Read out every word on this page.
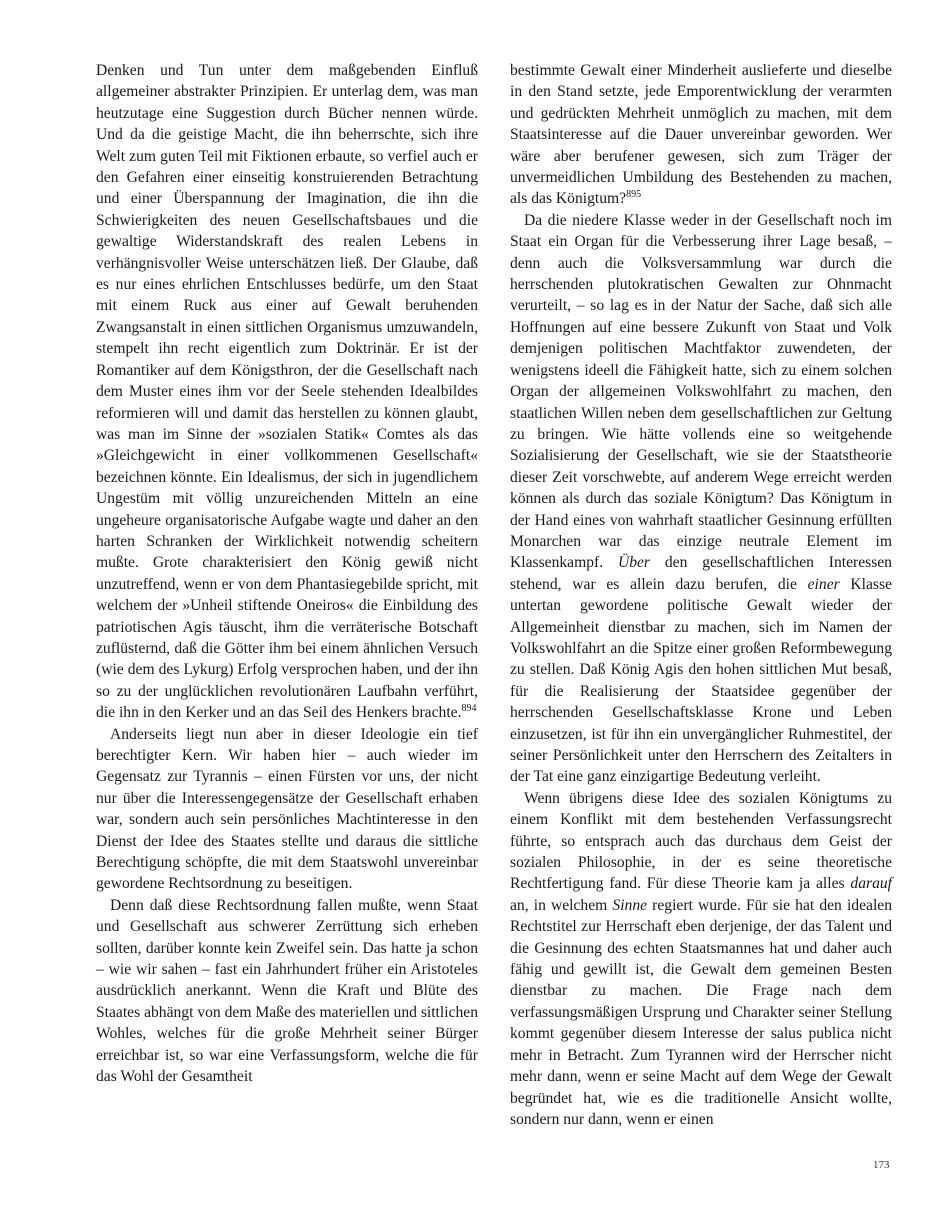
Denken und Tun unter dem maßgebenden Einfluß allgemeiner abstrakter Prinzipien. Er unterlag dem, was man heutzutage eine Suggestion durch Bücher nennen würde. Und da die geistige Macht, die ihn beherrschte, sich ihre Welt zum guten Teil mit Fiktionen erbaute, so verfiel auch er den Gefahren einer einseitig konstruierenden Betrachtung und einer Überspannung der Imagination, die ihn die Schwierigkeiten des neuen Gesellschaftsbaues und die gewaltige Widerstandskraft des realen Lebens in verhängnisvoller Weise unterschätzen ließ. Der Glaube, daß es nur eines ehrlichen Entschlusses bedürfe, um den Staat mit einem Ruck aus einer auf Gewalt beruhenden Zwangsanstalt in einen sittlichen Organismus umzuwandeln, stempelt ihn recht eigentlich zum Doktrinär. Er ist der Romantiker auf dem Königsthron, der die Gesellschaft nach dem Muster eines ihm vor der Seele stehenden Idealbildes reformieren will und damit das herstellen zu können glaubt, was man im Sinne der »sozialen Statik« Comtes als das »Gleichgewicht in einer vollkommenen Gesellschaft« bezeichnen könnte. Ein Idealismus, der sich in jugendlichem Ungestüm mit völlig unzureichenden Mitteln an eine ungeheure organisatorische Aufgabe wagte und daher an den harten Schranken der Wirklichkeit notwendig scheitern mußte. Grote charakterisiert den König gewiß nicht unzutreffend, wenn er von dem Phantasiegebilde spricht, mit welchem der »Unheil stiftende Oneiros« die Einbildung des patriotischen Agis täuscht, ihm die verräterische Botschaft zuflüsternd, daß die Götter ihm bei einem ähnlichen Versuch (wie dem des Lykurg) Erfolg versprochen haben, und der ihn so zu der unglücklichen revolutionären Laufbahn verführt, die ihn in den Kerker und an das Seil des Henkers brachte.$^{894}$

Anderseits liegt nun aber in dieser Ideologie ein tief berechtigter Kern. Wir haben hier – auch wieder im Gegensatz zur Tyrannis – einen Fürsten vor uns, der nicht nur über die Interessengegensätze der Gesellschaft erhaben war, sondern auch sein persönliches Machtinteresse in den Dienst der Idee des Staates stellte und daraus die sittliche Berechtigung schöpfte, die mit dem Staatswohl unvereinbar gewordene Rechtsordnung zu beseitigen.

Denn daß diese Rechtsordnung fallen mußte, wenn Staat und Gesellschaft aus schwerer Zerrüttung sich erheben sollten, darüber konnte kein Zweifel sein. Das hatte ja schon – wie wir sahen – fast ein Jahrhundert früher ein Aristoteles ausdrücklich anerkannt. Wenn die Kraft und Blüte des Staates abhängt von dem Maße des materiellen und sittlichen Wohles, welches für die große Mehrheit seiner Bürger erreichbar ist, so war eine Verfassungsform, welche die für das Wohl der Gesamtheit

bestimmte Gewalt einer Minderheit auslieferte und dieselbe in den Stand setzte, jede Emporentwicklung der verarmten und gedrückten Mehrheit unmöglich zu machen, mit dem Staatsinteresse auf die Dauer unvereinbar geworden. Wer wäre aber berufener gewesen, sich zum Träger der unvermeidlichen Umbildung des Bestehenden zu machen, als das Königtum?$^{895}$

Da die niedere Klasse weder in der Gesellschaft noch im Staat ein Organ für die Verbesserung ihrer Lage besaß, – denn auch die Volksversammlung war durch die herrschenden plutokratischen Gewalten zur Ohnmacht verurteilt, – so lag es in der Natur der Sache, daß sich alle Hoffnungen auf eine bessere Zukunft von Staat und Volk demjenigen politischen Machtfaktor zuwendeten, der wenigstens ideell die Fähigkeit hatte, sich zu einem solchen Organ der allgemeinen Volkswohlfahrt zu machen, den staatlichen Willen neben dem gesellschaftlichen zur Geltung zu bringen. Wie hätte vollends eine so weitgehende Sozialisierung der Gesellschaft, wie sie der Staatstheorie dieser Zeit vorschwebte, auf anderem Wege erreicht werden können als durch das soziale Königtum? Das Königtum in der Hand eines von wahrhaft staatlicher Gesinnung erfüllten Monarchen war das einzige neutrale Element im Klassenkampf. Über den gesellschaftlichen Interessen stehend, war es allein dazu berufen, die einer Klasse untertan gewordene politische Gewalt wieder der Allgemeinheit dienstbar zu machen, sich im Namen der Volkswohlfahrt an die Spitze einer großen Reformbewegung zu stellen. Daß König Agis den hohen sittlichen Mut besaß, für die Realisierung der Staatsidee gegenüber der herrschenden Gesellschaftsklasse Krone und Leben einzusetzen, ist für ihn ein unvergänglicher Ruhmestitel, der seiner Persönlichkeit unter den Herrschern des Zeitalters in der Tat eine ganz einzigartige Bedeutung verleiht.

Wenn übrigens diese Idee des sozialen Königtums zu einem Konflikt mit dem bestehenden Verfassungsrecht führte, so entsprach auch das durchaus dem Geist der sozialen Philosophie, in der es seine theoretische Rechtfertigung fand. Für diese Theorie kam ja alles darauf an, in welchem Sinne regiert wurde. Für sie hat den idealen Rechtstitel zur Herrschaft eben derjenige, der das Talent und die Gesinnung des echten Staatsmannes hat und daher auch fähig und gewillt ist, die Gewalt dem gemeinen Besten dienstbar zu machen. Die Frage nach dem verfassungsmäßigen Ursprung und Charakter seiner Stellung kommt gegenüber diesem Interesse der salus publica nicht mehr in Betracht. Zum Tyrannen wird der Herrscher nicht mehr dann, wenn er seine Macht auf dem Wege der Gewalt begründet hat, wie es die traditionelle Ansicht wollte, sondern nur dann, wenn er einen

173
